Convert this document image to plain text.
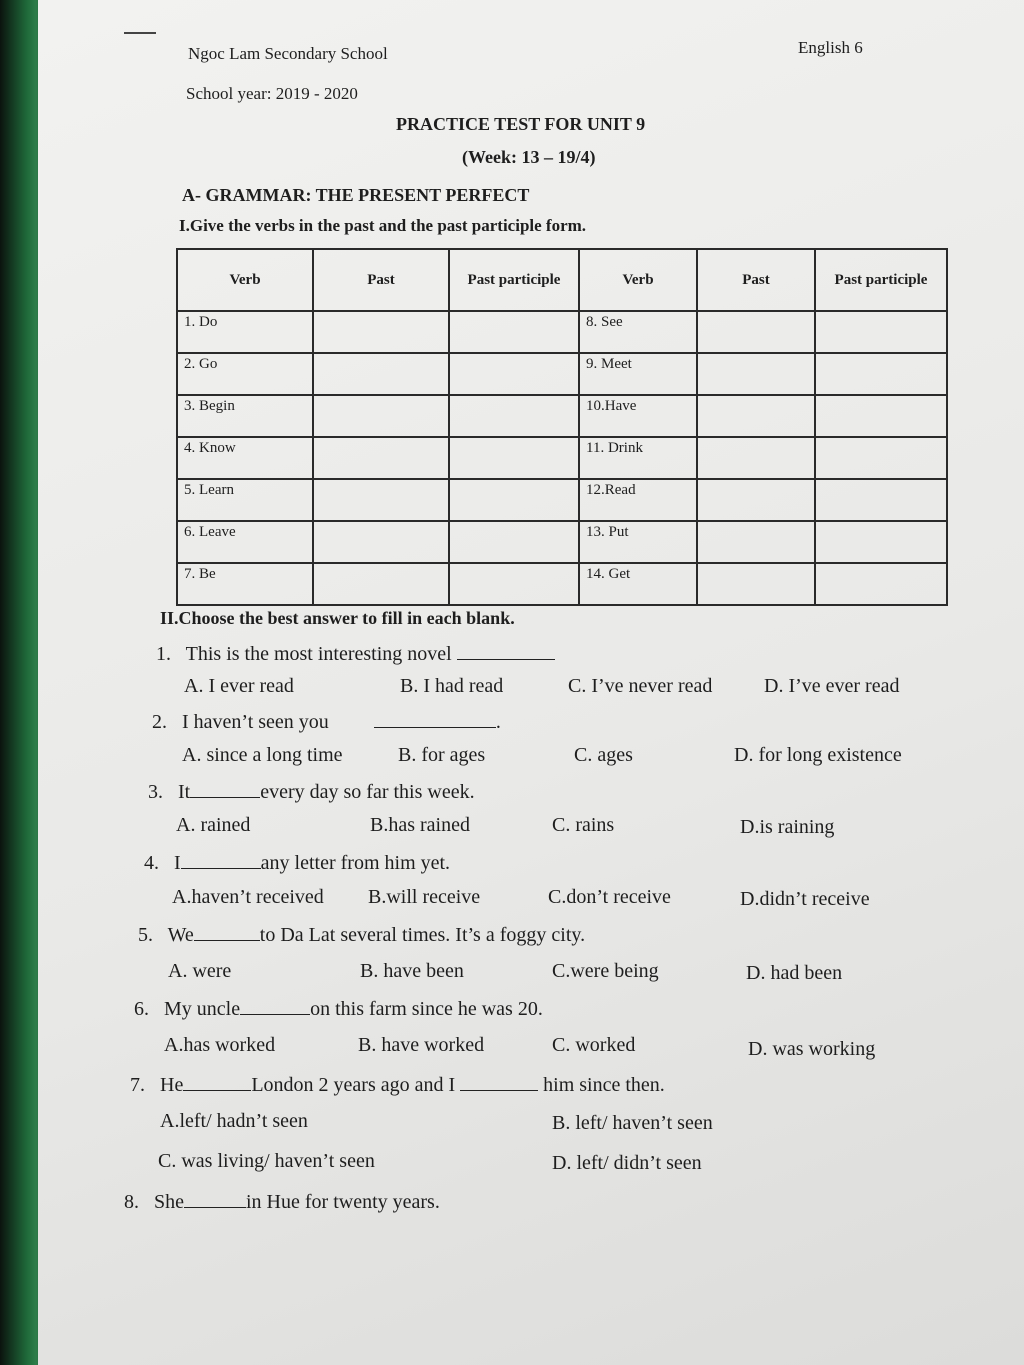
Ngoc Lam Secondary School	English 6
School year: 2019 - 2020
PRACTICE TEST FOR UNIT 9
(Week: 13 – 19/4)
A- GRAMMAR: THE PRESENT PERFECT
I.Give the verbs in the past and the past participle form.
Verb	Past	Past participle	Verb	Past	Past participle
1. Do			8. See		
2. Go			9. Meet		
3. Begin			10.Have		
4. Know			11. Drink		
5. Learn			12.Read		
6. Leave			13. Put		
7. Be			14. Get		
II.Choose the best answer to fill in each blank.
1. This is the most interesting novel
A. I ever read	B. I had read	C. I’ve never read	D. I’ve ever read
2. I haven’t seen you	.
A. since a long time	B. for ages	C. ages	D. for long existence
3. It	every day so far this week.
A. rained	B.has rained	C. rains	D.is raining
4. I	any letter from him yet.
A.haven’t received B.will receive	C.don’t receive	D.didn’t receive
5. We	to Da Lat several times. It’s a foggy city.
A. were	B. have been	C.were being	D. had been
6. My uncle	on this farm since he was 20.
A.has worked	B. have worked	C. worked	D. was working
7. He	London 2 years ago and I	him since then.
A.left/ hadn’t seen	B. left/ haven’t seen
C. was living/ haven’t seen	D. left/ didn’t seen
8. She	in Hue for twenty years.
